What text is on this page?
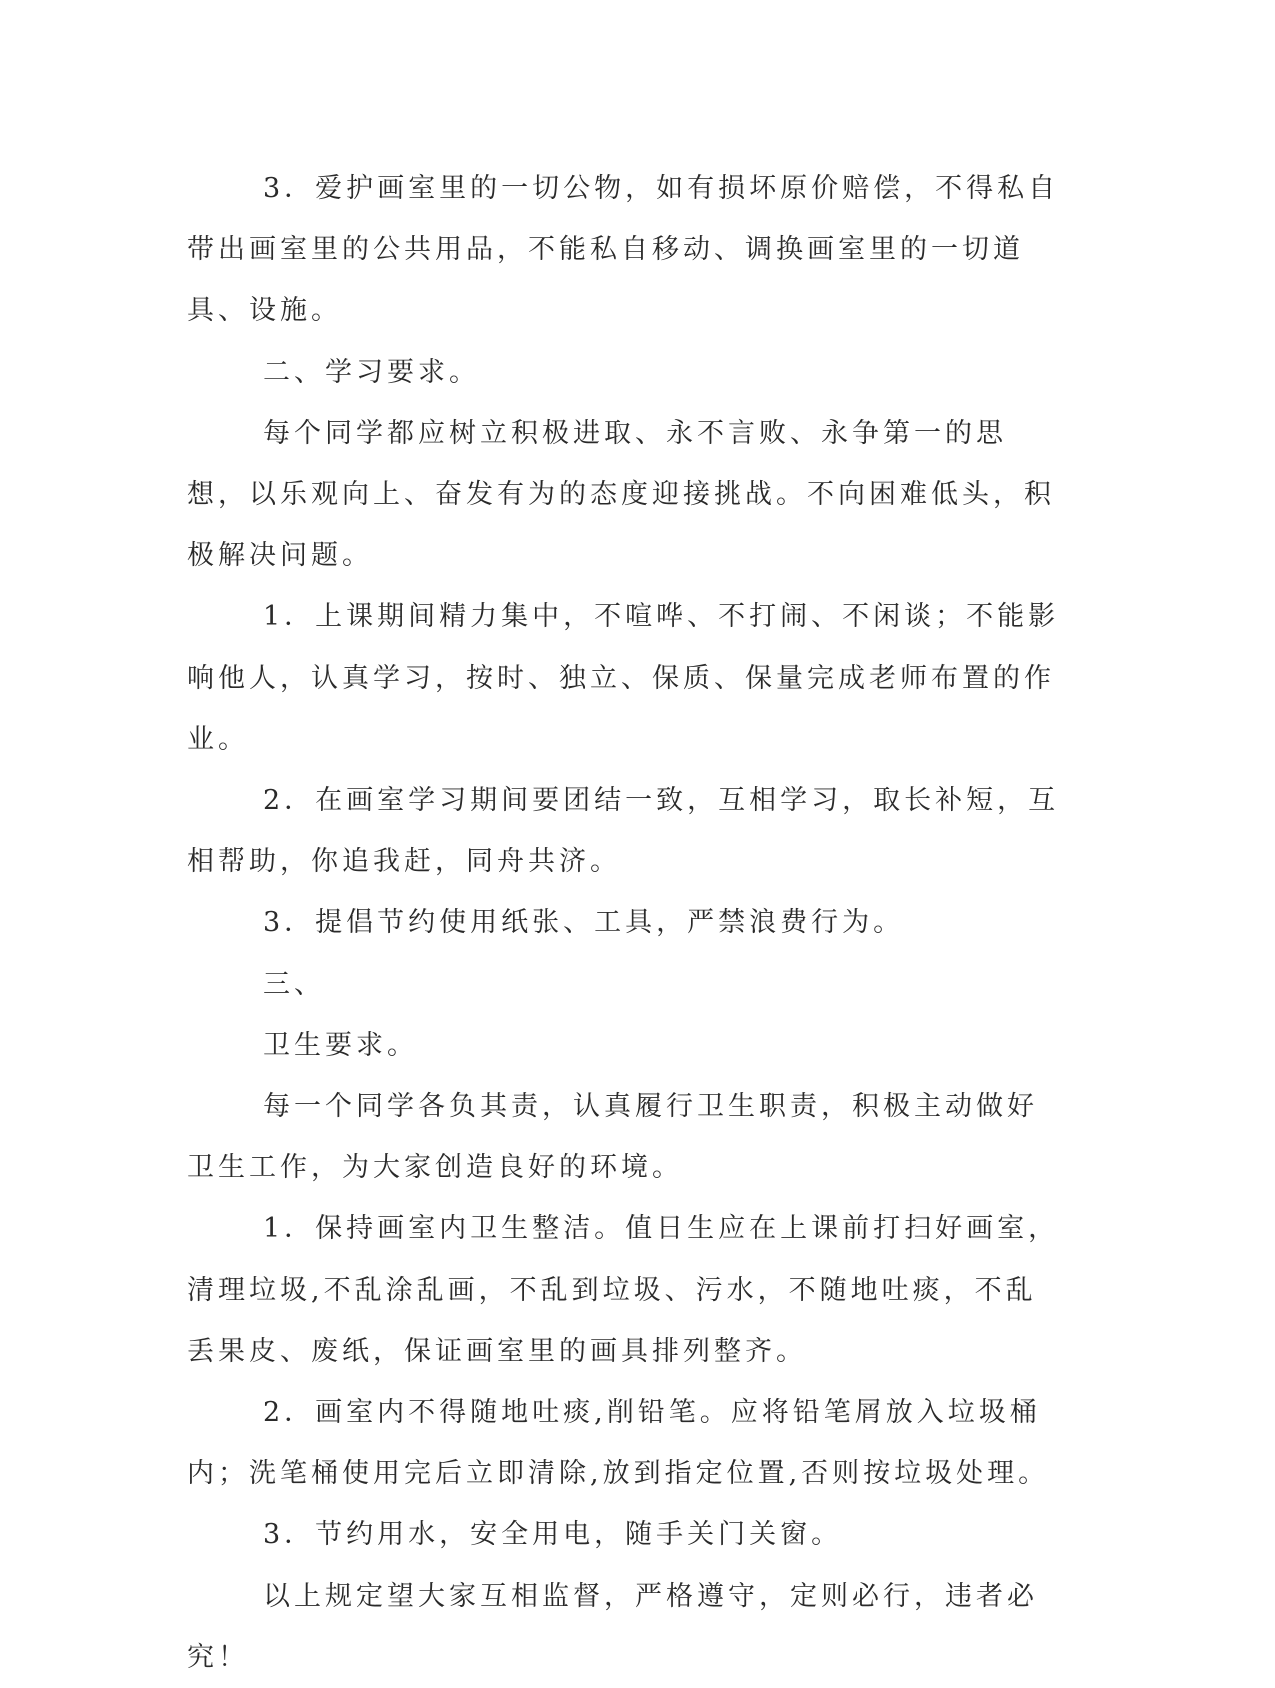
3．爱护画室里的一切公物，如有损坏原价赔偿，不得私自带出画室里的公共用品，不能私自移动、调换画室里的一切道具、设施。

二、学习要求。

每个同学都应树立积极进取、永不言败、永争第一的思想，以乐观向上、奋发有为的态度迎接挑战。不向困难低头，积极解决问题。

1．上课期间精力集中，不喧哗、不打闹、不闲谈；不能影响他人，认真学习，按时、独立、保质、保量完成老师布置的作业。

2．在画室学习期间要团结一致，互相学习，取长补短，互相帮助，你追我赶，同舟共济。

3．提倡节约使用纸张、工具，严禁浪费行为。

三、

卫生要求。

每一个同学各负其责，认真履行卫生职责，积极主动做好卫生工作，为大家创造良好的环境。

1．保持画室内卫生整洁。值日生应在上课前打扫好画室，清理垃圾,不乱涂乱画，不乱到垃圾、污水，不随地吐痰，不乱丢果皮、废纸，保证画室里的画具排列整齐。

2．画室内不得随地吐痰,削铅笔。应将铅笔屑放入垃圾桶内；洗笔桶使用完后立即清除,放到指定位置,否则按垃圾处理。

3．节约用水，安全用电，随手关门关窗。

以上规定望大家互相监督，严格遵守，定则必行，违者必究！
